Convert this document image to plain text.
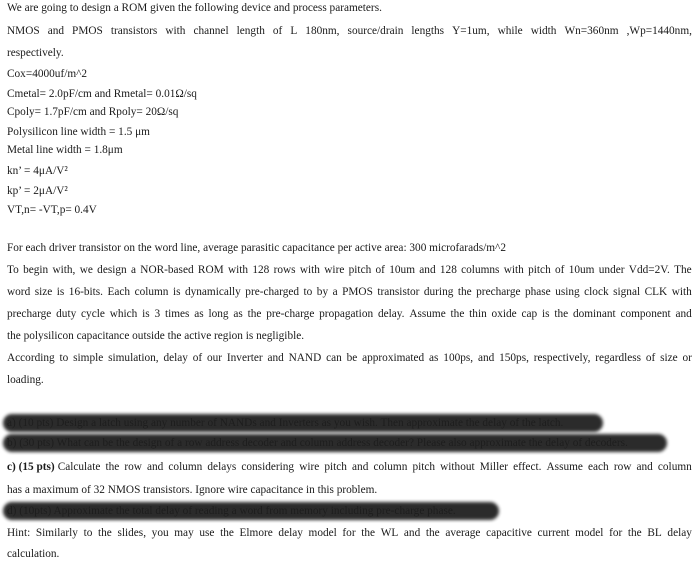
We are going to design a ROM given the following device and process parameters.
NMOS and PMOS transistors with channel length of L 180nm, source/drain lengths Y=1um, while width Wn=360nm ,Wp=1440nm,
respectively.
Cox=4000uf/m^2
Cmetal= 2.0pF/cm and Rmetal= 0.01Ω/sq
Cpoly= 1.7pF/cm and Rpoly= 20Ω/sq
Polysilicon line width = 1.5 μm
Metal line width = 1.8μm
kn’ = 4μA/V²
kp’ = 2μA/V²
VT,n= -VT,p= 0.4V
For each driver transistor on the word line, average parasitic capacitance per active area: 300 microfarads/m^2
To begin with, we design a NOR-based ROM with 128 rows with wire pitch of 10um and 128 columns with pitch of 10um under Vdd=2V. The
word size is 16-bits. Each column is dynamically pre-charged to by a PMOS transistor during the precharge phase using clock signal CLK with
precharge duty cycle which is 3 times as long as the pre-charge propagation delay. Assume the thin oxide cap is the dominant component and
the polysilicon capacitance outside the active region is negligible.
According to simple simulation, delay of our Inverter and NAND can be approximated as 100ps, and 150ps, respectively, regardless of size or
loading.
c) (15 pts) Calculate the row and column delays considering wire pitch and column pitch without Miller effect. Assume each row and column
has a maximum of 32 NMOS transistors. Ignore wire capacitance in this problem.
Hint: Similarly to the slides, you may use the Elmore delay model for the WL and the average capacitive current model for the BL delay
calculation.
